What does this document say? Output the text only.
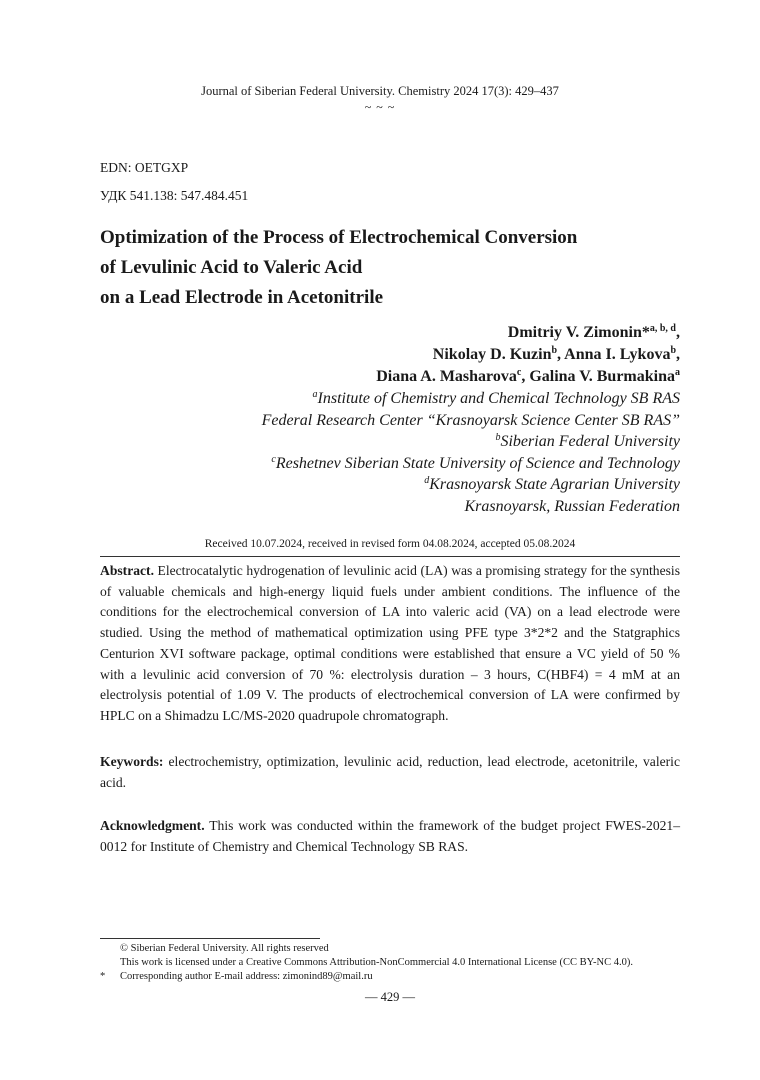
Journal of Siberian Federal University. Chemistry 2024 17(3): 429–437
~ ~ ~
EDN: OETGXP
УДК 541.138: 547.484.451
Optimization of the Process of Electrochemical Conversion
of Levulinic Acid to Valeric Acid
on a Lead Electrode in Acetonitrile
Dmitriy V. Zimonin*$^{a, b, d}$,
Nikolay D. Kuzin$^b$, Anna I. Lykova$^b$,
Diana A. Masharova$^c$, Galina V. Burmakina$^a$
$^a$Institute of Chemistry and Chemical Technology SB RAS
Federal Research Center “Krasnoyarsk Science Center SB RAS”
$^b$Siberian Federal University
$^c$Reshetnev Siberian State University of Science and Technology
$^d$Krasnoyarsk State Agrarian University
Krasnoyarsk, Russian Federation
Received 10.07.2024, received in revised form 04.08.2024, accepted 05.08.2024
Abstract. Electrocatalytic hydrogenation of levulinic acid (LA) was a promising strategy for the synthesis of valuable chemicals and high-energy liquid fuels under ambient conditions. The influence of the conditions for the electrochemical conversion of LA into valeric acid (VA) on a lead electrode were studied. Using the method of mathematical optimization using PFE type 3*2*2 and the Statgraphics Centurion XVI software package, optimal conditions were established that ensure a VC yield of 50 % with a levulinic acid conversion of 70 %: electrolysis duration – 3 hours, C(HBF4) = 4 mM at an electrolysis potential of 1.09 V. The products of electrochemical conversion of LA were confirmed by HPLC on a Shimadzu LC/MS-2020 quadrupole chromatograph.
Keywords: electrochemistry, optimization, levulinic acid, reduction, lead electrode, acetonitrile, valeric acid.
Acknowledgment. This work was conducted within the framework of the budget project FWES-2021–0012 for Institute of Chemistry and Chemical Technology SB RAS.
© Siberian Federal University. All rights reserved
This work is licensed under a Creative Commons Attribution-NonCommercial 4.0 International License (CC BY-NC 4.0).
* Corresponding author E-mail address: zimonind89@mail.ru
— 429 —
